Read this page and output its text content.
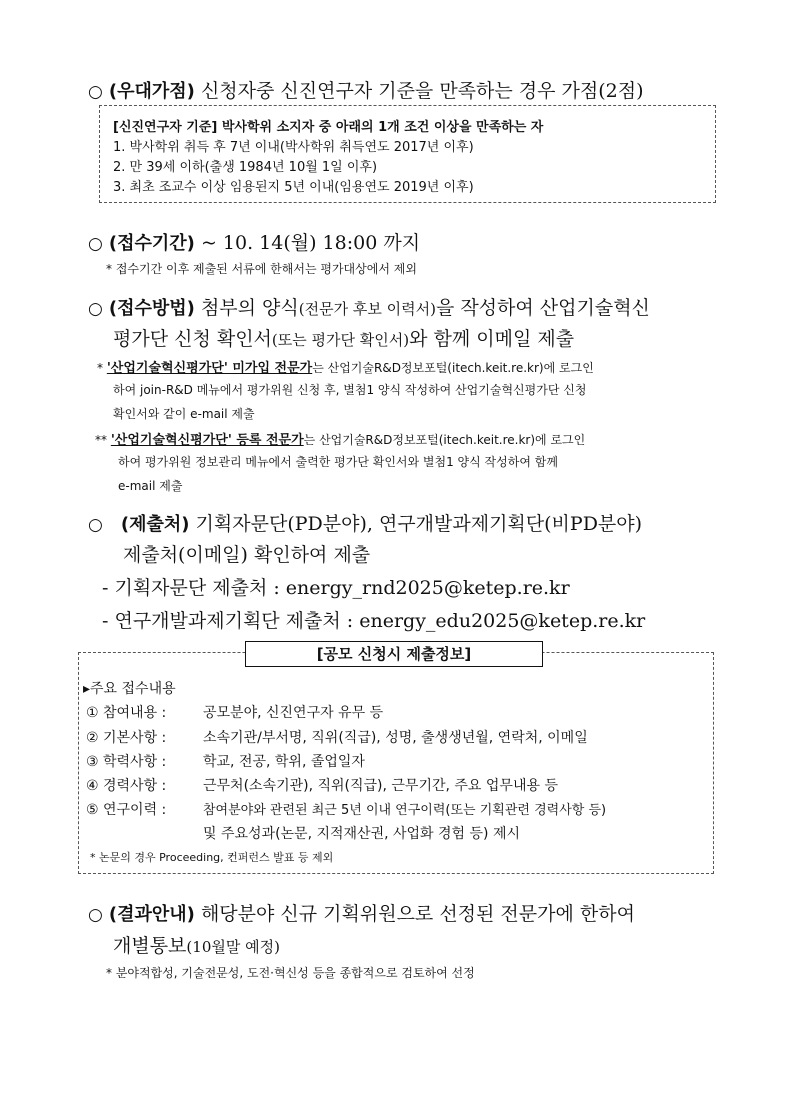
○ (우대가점) 신청자중 신진연구자 기준을 만족하는 경우 가점(2점)
[신진연구자 기준] 박사학위 소지자 중 아래의 1개 조건 이상을 만족하는 자
1. 박사학위 취득 후 7년 이내(박사학위 취득연도 2017년 이후)
2. 만 39세 이하(출생 1984년 10월 1일 이후)
3. 최초 조교수 이상 임용된지 5년 이내(임용연도 2019년 이후)
○ (접수기간) ~ 10. 14(월) 18:00 까지
* 접수기간 이후 제출된 서류에 한해서는 평가대상에서 제외
○ (접수방법) 첨부의 양식(전문가 후보 이력서)을 작성하여 산업기술혁신
평가단 신청 확인서(또는 평가단 확인서)와 함께 이메일 제출
* '산업기술혁신평가단' 미가입 전문가는 산업기술R&D정보포털(itech.keit.re.kr)에 로그인
하여 join-R&D 메뉴에서 평가위원 신청 후, 별첨1 양식 작성하여 산업기술혁신평가단 신청
확인서와 같이 e-mail 제출
** '산업기술혁신평가단' 등록 전문가는 산업기술R&D정보포털(itech.keit.re.kr)에 로그인
하여 평가위원 정보관리 메뉴에서 출력한 평가단 확인서와 별첨1 양식 작성하여 함께
e-mail 제출
○ (제출처) 기획자문단(PD분야), 연구개발과제기획단(비PD분야)
제출처(이메일) 확인하여 제출
- 기획자문단 제출처 : energy_rnd2025@ketep.re.kr
- 연구개발과제기획단 제출처 : energy_edu2025@ketep.re.kr
[공모 신청시 제출정보]
▸주요 접수내용
① 참여내용 :	공모분야, 신진연구자 유무 등
② 기본사항 :	소속기관/부서명, 직위(직급), 성명, 출생생년월, 연락처, 이메일
③ 학력사항 :	학교, 전공, 학위, 졸업일자
④ 경력사항 :	근무처(소속기관), 직위(직급), 근무기간, 주요 업무내용 등
⑤ 연구이력 :	참여분야와 관련된 최근 5년 이내 연구이력(또는 기획관련 경력사항 등)
및 주요성과(논문, 지적재산권, 사업화 경험 등) 제시
* 논문의 경우 Proceeding, 컨퍼런스 발표 등 제외
○ (결과안내) 해당분야 신규 기획위원으로 선정된 전문가에 한하여
개별통보(10월말 예정)
* 분야적합성, 기술전문성, 도전·혁신성 등을 종합적으로 검토하여 선정
